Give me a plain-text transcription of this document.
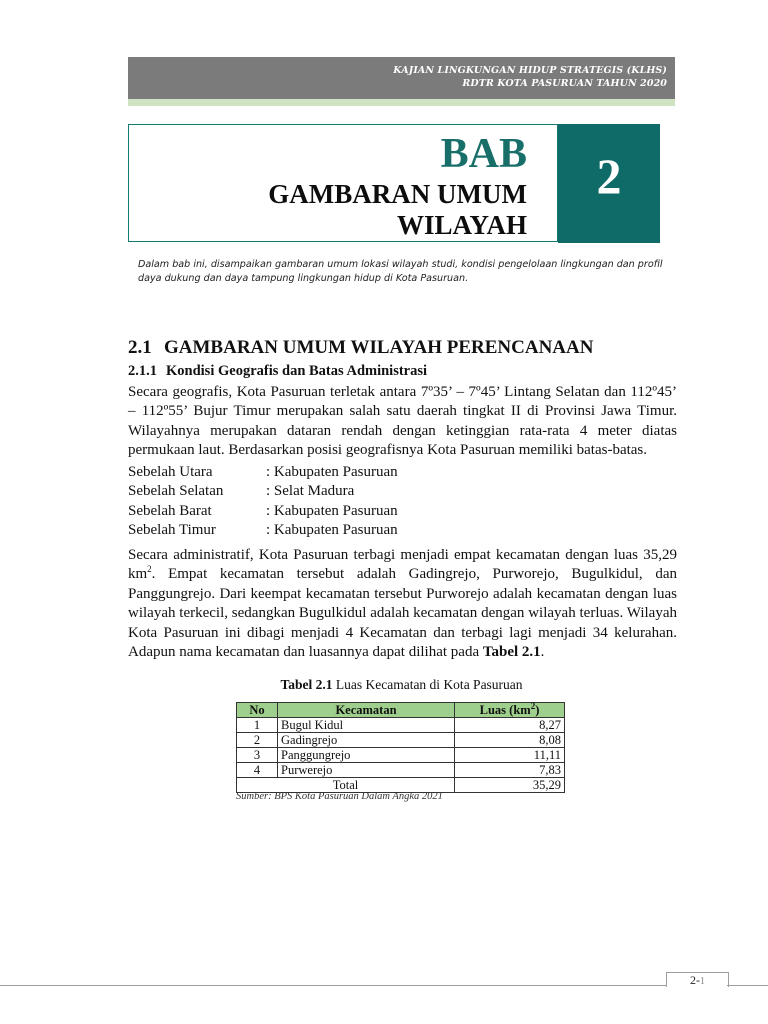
KAJIAN LINGKUNGAN HIDUP STRATEGIS (KLHS)
RDTR KOTA PASURUAN TAHUN 2020
BAB
GAMBARAN UMUM
WILAYAH
2
Dalam bab ini, disampaikan gambaran umum lokasi wilayah studi, kondisi pengelolaan lingkungan dan profil daya dukung dan daya tampung lingkungan hidup di Kota Pasuruan.
2.1 GAMBARAN UMUM WILAYAH PERENCANAAN
2.1.1 Kondisi Geografis dan Batas Administrasi
Secara geografis, Kota Pasuruan terletak antara 7º35’ – 7º45’ Lintang Selatan dan 112º45’ – 112º55’ Bujur Timur merupakan salah satu daerah tingkat II di Provinsi Jawa Timur. Wilayahnya merupakan dataran rendah dengan ketinggian rata-rata 4 meter diatas permukaan laut. Berdasarkan posisi geografisnya Kota Pasuruan memiliki batas-batas.
Sebelah Utara	: Kabupaten Pasuruan
Sebelah Selatan	: Selat Madura
Sebelah Barat	: Kabupaten Pasuruan
Sebelah Timur	: Kabupaten Pasuruan
Secara administratif, Kota Pasuruan terbagi menjadi empat kecamatan dengan luas 35,29 $km^2$. Empat kecamatan tersebut adalah Gadingrejo, Purworejo, Bugulkidul, dan Panggungrejo. Dari keempat kecamatan tersebut Purworejo adalah kecamatan dengan luas wilayah terkecil, sedangkan Bugulkidul adalah kecamatan dengan wilayah terluas. Wilayah Kota Pasuruan ini dibagi menjadi 4 Kecamatan dan terbagi lagi menjadi 34 kelurahan. Adapun nama kecamatan dan luasannya dapat dilihat pada Tabel 2.1.
Tabel 2.1 Luas Kecamatan di Kota Pasuruan
No	Kecamatan	Luas $(km^2)$
1	Bugul Kidul	8,27
2	Gadingrejo	8,08
3	Panggungrejo	11,11
4	Purwerejo	7,83
Total		35,29
Sumber: BPS Kota Pasuruan Dalam Angka 2021
2-1
